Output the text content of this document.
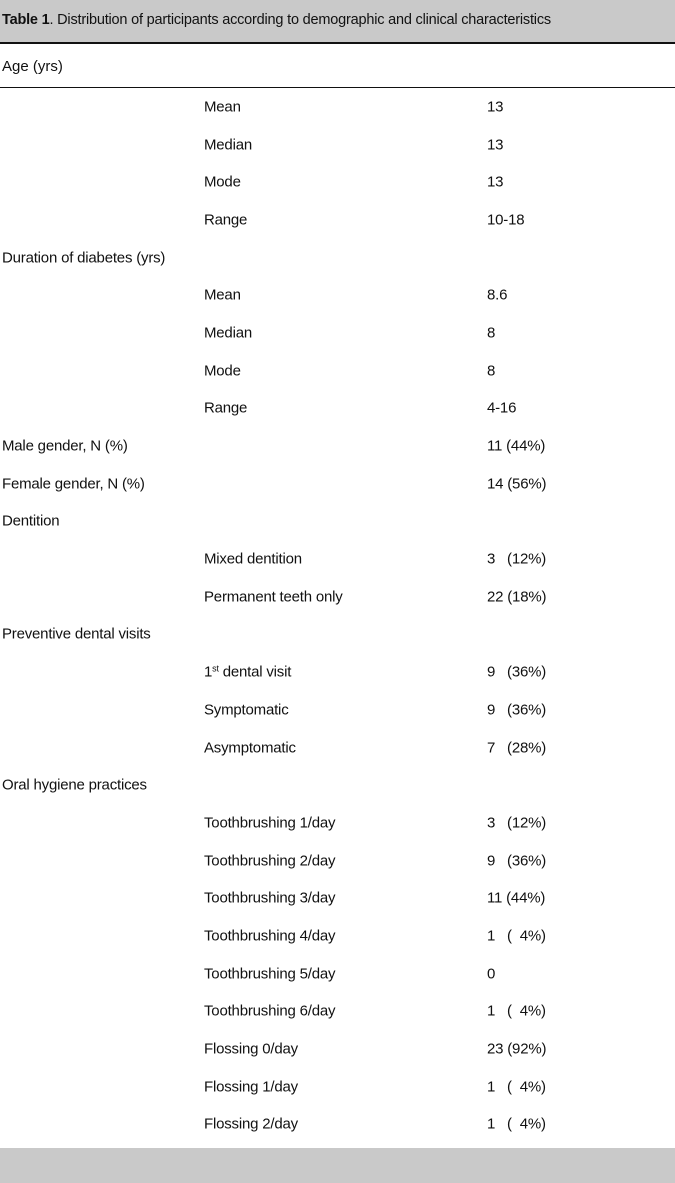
Table 1. Distribution of participants according to demographic and clinical characteristics
Age (yrs)
Mean	13
Median	13
Mode	13
Range	10-18
Duration of diabetes (yrs)
Mean	8.6
Median	8
Mode	8
Range	4-16
Male gender, N (%)	11 (44%)
Female gender, N (%)	14 (56%)
Dentition
Mixed dentition	3   (12%)
Permanent teeth only	22 (18%)
Preventive dental visits
1st dental visit	9   (36%)
Symptomatic	9   (36%)
Asymptomatic	7   (28%)
Oral hygiene practices
Toothbrushing 1/day	3   (12%)
Toothbrushing 2/day	9   (36%)
Toothbrushing 3/day	11 (44%)
Toothbrushing 4/day	1   (  4%)
Toothbrushing 5/day	0
Toothbrushing 6/day	1   (  4%)
Flossing 0/day	23 (92%)
Flossing 1/day	1   (  4%)
Flossing 2/day	1   (  4%)
